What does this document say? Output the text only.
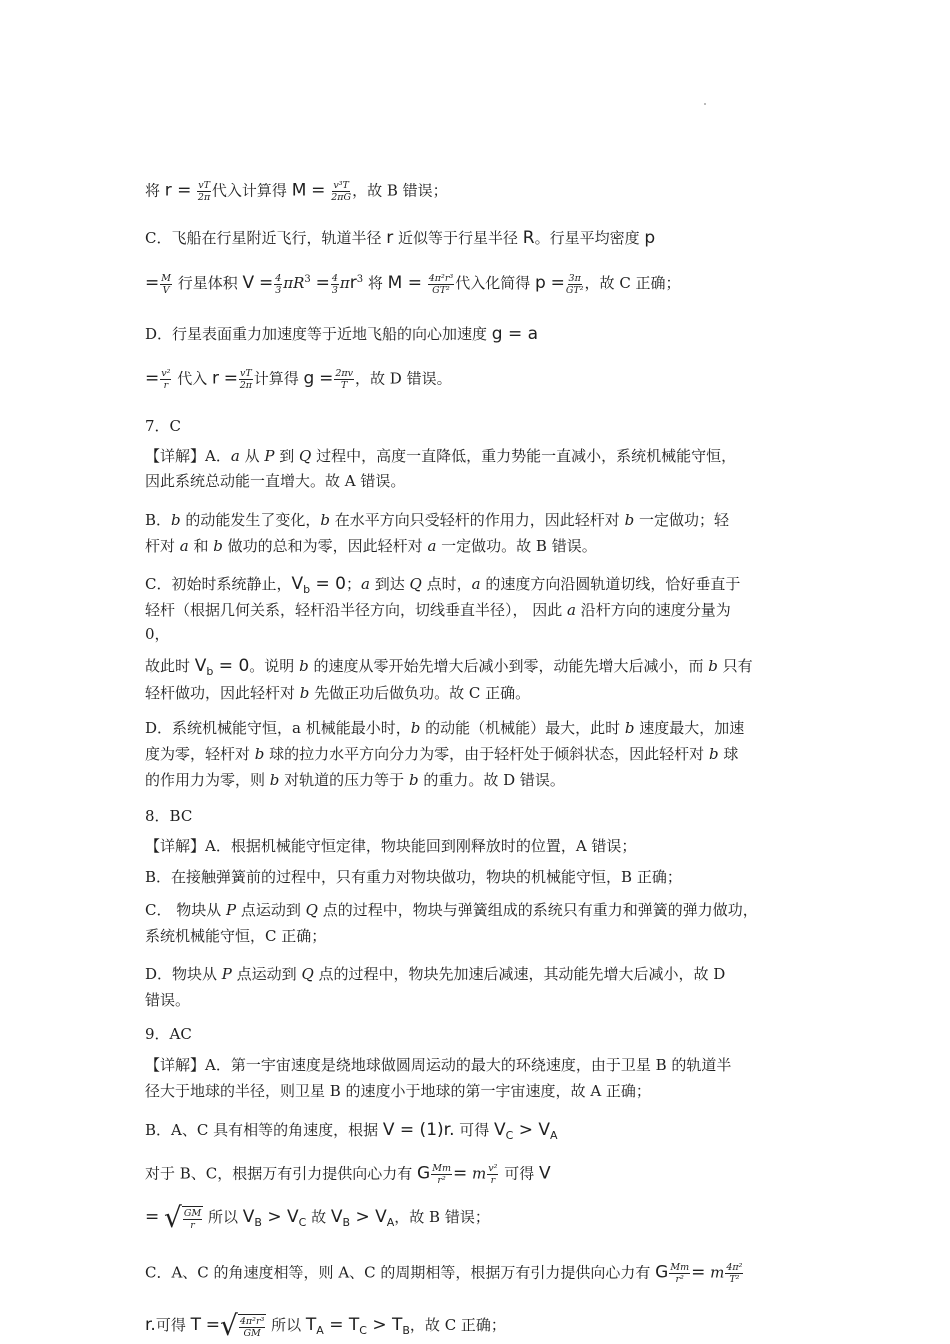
将 $r = \frac{vT}{2\pi}$ 代入计算得 $M = \frac{\text{v³T}}{2\pi G}$ ，故 B 错误；
C．飞船在行星附近飞行，轨道半径 r 近似等于行星半径 R。行星平均密度 p
= $\frac{M}{V}$ 行星体积 $V = \frac{4}{3} \pi R^3 = \frac{4}{3} \pi r^3$ 将 $M = \frac{\text{4π²r³}}{\text{GT²}}$ 代入化简得 $p = \frac{3\pi}{\text{GT²}}$ ，故 C 正确；
D．行星表面重力加速度等于近地飞船的向心加速度 g = a
= $\frac{\text{v²}}{r}$ 代入 $r = \frac{vT}{2\pi}$ 计算得 $g = \frac{2\pi v}{T}$ ，故 D 错误。
7．C
【详解】A．a 从 P 到 Q 过程中，高度一直降低，重力势能一直减小，系统机械能守恒，
因此系统总动能一直增大。故 A 错误。
B．b 的动能发生了变化，b 在水平方向只受轻杆的作用力，因此轻杆对 b 一定做功；轻
杆对 a 和 b 做功的总和为零，因此轻杆对 a 一定做功。故 B 错误。
C．初始时系统静止，$V_b = 0$；a 到达 Q 点时，a 的速度方向沿圆轨道切线，恰好垂直于
轻杆（根据几何关系，轻杆沿半径方向，切线垂直半径）， 因此 a 沿杆方向的速度分量为
0，
故此时 $V_b = 0$。说明 b 的速度从零开始先增大后减小到零，动能先增大后减小，而 b 只有
轻杆做功，因此轻杆对 b 先做正功后做负功。故 C 正确。
D．系统机械能守恒，a 机械能最小时，b 的动能（机械能）最大，此时 b 速度最大，加速
度为零，轻杆对 b 球的拉力水平方向分力为零，由于轻杆处于倾斜状态，因此轻杆对 b 球
的作用力为零，则 b 对轨道的压力等于 b 的重力。故 D 错误。
8．BC
【详解】A．根据机械能守恒定律，物块能回到刚释放时的位置，A 错误；
B．在接触弹簧前的过程中，只有重力对物块做功，物块的机械能守恒，B 正确；
C． 物块从 P 点运动到 Q 点的过程中，物块与弹簧组成的系统只有重力和弹簧的弹力做功，
系统机械能守恒，C 正确；
D．物块从 P 点运动到 Q 点的过程中，物块先加速后减速，其动能先增大后减小，故 D
错误。
9．AC
【详解】A．第一宇宙速度是绕地球做圆周运动的最大的环绕速度，由于卫星 B 的轨道半
径大于地球的半径，则卫星 B 的速度小于地球的第一宇宙速度，故 A 正确；
B．A、C 具有相等的角速度，根据 V = (1)r. 可得 $V_C > V_A$
对于 B、C，根据万有引力提供向心力有 G $\frac{Mm}{\text{r²}} = m \frac{\text{v²}}{r}$ 可得 V
= √ $\frac{GM}{r}$ 所以 $V_B > V_C$ 故 $V_B > V_A$，故 B 错误；
C．A、C 的角速度相等，则 A、C 的周期相等，根据万有引力提供向心力有 G $\frac{Mm}{\text{r²}} = m \frac{\text{4π²}}{\text{T²}}$
r.可得 T =√ $\frac{\text{4π²r³}}{GM}$ 所以 $T_A = T_C > T_B$，故 C 正确；
